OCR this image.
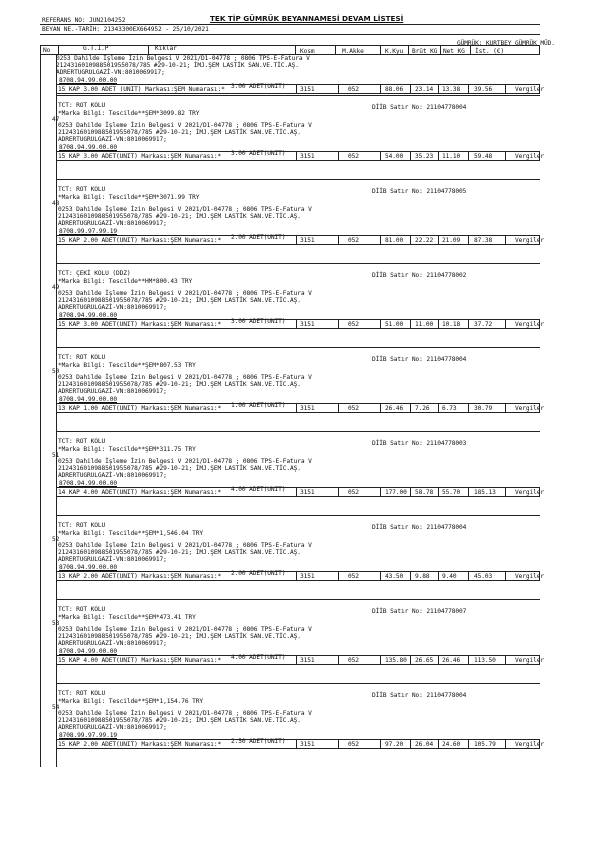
TEK TİP GÜMRÜK BEYANNAMESİ DEVAM LİSTESİ
REFERANS NO: JUN2104252
BEYAN NE.-TARİH: 21343300EX664952 - 25/10/2021
GÜMRÜK: KURTBEY GÜMRÜK MÜD.
No	G.T.İ.P	Kıklar	Kosm	M.Akke	K.Kyu Brüt KG Net KG İst. (€)
0253 Dahilde İşleme İzin Belgesi V 2021/D1-04778 ; 0806 TPS-E-Fatura V
2124316010988501955078/785 #29-10-21; İMJ.ŞEM LASTİK SAN.VE.TİC.AŞ.
ADRERTUGRULGAZİ-VN:8010069917;
8708.94.99.00.00
3.00 ADET(UNIT)
15 KAP 3.00 ADET (UNIT) Markası:ŞEM Numarası:*	3151	052	88.06 23.14 13.38 39.56	Vergiler
47
TCT: ROT KOLU
*Marka Bilgi: Tescilde**ŞEM*3099.82 TRY
DİİB Satır No: 21104778004
0253 Dahilde İşleme İzin Belgesi V 2021/D1-04778 ; 0806 TPS-E-Fatura V
2124316010988501955078/785 #29-10-21; İMJ.ŞEM LASTİK SAN.VE.TİC.AŞ.
ADRERTUGRULGAZİ-VN:8010069917;
8708.94.99.00.00
3.00 ADET(UNIT)
15 KAP 3.00 ADET(UNIT) Markası:ŞEM Numarası:*	3151	052	54.00 35.23 11.10 59.48	Vergiler
48
TCT: ROT KOLU
*Marka Bilgi: Tescilde**ŞEM*3071.99 TRY
DİİB Satır No: 21104778005
0253 Dahilde İşleme İzin Belgesi V 2021/D1-04778 ; 0806 TPS-E-Fatura V
2124316010988501955078/785 #29-10-21; İMJ.ŞEM LASTİK SAN.VE.TİC.AŞ.
ADRERTUGRULGAZİ-VN:8010069917;
8708.99.97.99.19
2.00 ADET(UNIT)
15 KAP 2.00 ADET(UNIT) Markası:ŞEM Numarası:*	3151	052	81.00 22.22 21.09 87.38	Vergiler
49
TCT: ÇEKİ KOLU (DDZ)
*Marka Bilgi: Tescilde**HM*800.43 TRY
DİİB Satır No: 21104778002
0253 Dahilde İşleme İzin Belgesi V 2021/D1-04778 ; 0806 TPS-E-Fatura V
2124316010988501955078/785 #29-10-21; İMJ.ŞEM LASTİK SAN.VE.TİC.AŞ.
ADRERTUGRULGAZİ-VN:8010069917;
8708.94.99.00.00
3.00 ADET(UNIT)
15 KAP 3.00 ADET(UNIT) Markası:ŞEM Numarası:*	3151	052	51.00 11.00 10.18 37.72	Vergiler
50
TCT: ROT KOLU
*Marka Bilgi: Tescilde**ŞEM*807.53 TRY
DİİB Satır No: 21104778004
0253 Dahilde İşleme İzin Belgesi V 2021/D1-04778 ; 0806 TPS-E-Fatura V
2124316010988501955078/785 #29-10-21; İMJ.ŞEM LASTİK SAN.VE.TİC.AŞ.
ADRERTUGRULGAZİ-VN:8010069917;
8708.94.99.00.00
1.00 ADET(UNIT)
13 KAP 1.00 ADET(UNIT) Markası:ŞEM Numarası:*	3151	052	26.46 7.26 6.73	30.79	Vergiler
51
TCT: ROT KOLU
*Marka Bilgi: Tescilde**ŞEM*311.75 TRY
DİİB Satır No: 21104778003
0253 Dahilde İşleme İzin Belgesi V 2021/D1-04778 ; 0806 TPS-E-Fatura V
2124316010988501955078/785 #29-10-21; İMJ.ŞEM LASTİK SAN.VE.TİC.AŞ.
ADRERTUGRULGAZİ-VN:8010069917;
8708.94.99.00.00
4.00 ADET(UNIT)
14 KAP 4.00 ADET(UNIT) Markası:ŞEM Numarası:*	3151	052	177.00 58.78 55.70 185.13	Vergiler
52
TCT: ROT KOLU
*Marka Bilgi: Tescilde**ŞEM*1,546.04 TRY
DİİB Satır No: 21104778004
0253 Dahilde İşleme İzin Belgesi V 2021/D1-04778 ; 0806 TPS-E-Fatura V
2124316010988501955078/785 #29-10-21; İMJ.ŞEM LASTİK SAN.VE.TİC.AŞ.
ADRERTUGRULGAZİ-VN:8010069917;
8708.94.99.00.00
2.00 ADET(UNIT)
13 KAP 2.00 ADET(UNIT) Markası:ŞEM Numarası:*	3151	052	43.50 9.88 9.40	45.03	Vergiler
53
TCT: ROT KOLU
*Marka Bilgi: Tescilde**ŞEM*473.41 TRY
DİİB Satır No: 21104778007
0253 Dahilde İşleme İzin Belgesi V 2021/D1-04778 ; 0806 TPS-E-Fatura V
2124316010988501955078/785 #29-10-21; İMJ.ŞEM LASTİK SAN.VE.TİC.AŞ.
ADRERTUGRULGAZİ-VN:8010069917;
8708.94.99.00.00
4.00 ADET(UNIT)
15 KAP 4.00 ADET(UNIT) Markası:ŞEM Numarası:*	3151	052	135.80 26.65 26.46 113.50	Vergiler
54
TCT: ROT KOLU
*Marka Bilgi: Tescilde**ŞEM*1,154.76 TRY
DİİB Satır No: 21104778004
0253 Dahilde İşleme İzin Belgesi V 2021/D1-04778 ; 0806 TPS-E-Fatura V
2124316010988501955078/785 #29-10-21; İMJ.ŞEM LASTİK SAN.VE.TİC.AŞ.
ADRERTUGRULGAZİ-VN:8010069917;
8708.99.97.99.19
2.50 ADET(UNIT)
15 KAP 2.00 ADET(UNIT) Markası:ŞEM Numarası:*	3151	052	97.20 26.04 24.60 105.79	Vergiler
